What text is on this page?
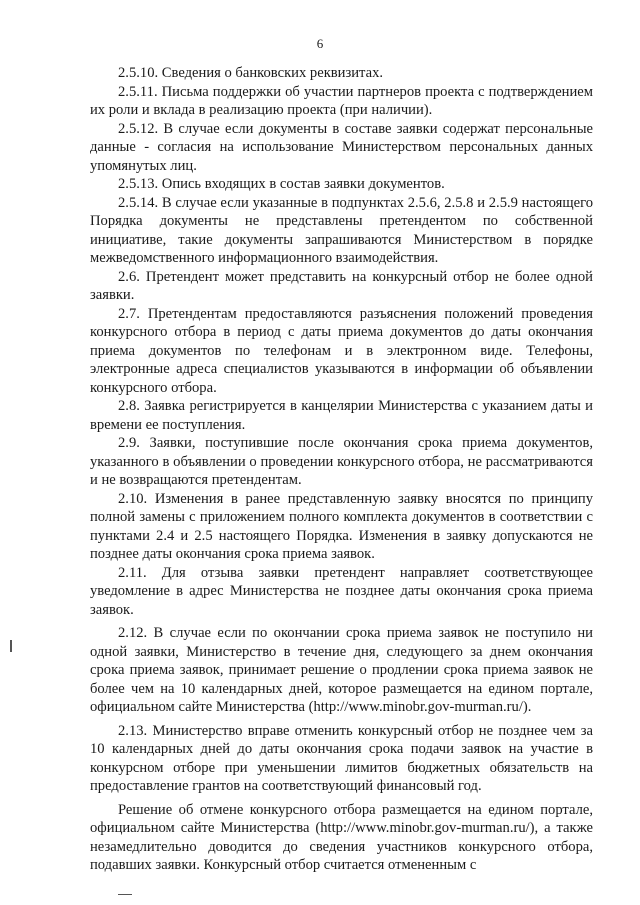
6

2.5.10. Сведения о банковских реквизитах.

2.5.11. Письма поддержки об участии партнеров проекта с подтверждением их роли и вклада в реализацию проекта (при наличии).

2.5.12. В случае если документы в составе заявки содержат персональные данные - согласия на использование Министерством персональных данных упомянутых лиц.

2.5.13. Опись входящих в состав заявки документов.

2.5.14. В случае если указанные в подпунктах 2.5.6, 2.5.8 и 2.5.9 настоящего Порядка документы не представлены претендентом по собственной инициативе, такие документы запрашиваются Министерством в порядке межведомственного информационного взаимодействия.

2.6. Претендент может представить на конкурсный отбор не более одной заявки.

2.7. Претендентам предоставляются разъяснения положений проведения конкурсного отбора в период с даты приема документов до даты окончания приема документов по телефонам и в электронном виде. Телефоны, электронные адреса специалистов указываются в информации об объявлении конкурсного отбора.

2.8. Заявка регистрируется в канцелярии Министерства с указанием даты и времени ее поступления.

2.9. Заявки, поступившие после окончания срока приема документов, указанного в объявлении о проведении конкурсного отбора, не рассматриваются и не возвращаются претендентам.

2.10. Изменения в ранее представленную заявку вносятся по принципу полной замены с приложением полного комплекта документов в соответствии с пунктами 2.4 и 2.5 настоящего Порядка. Изменения в заявку допускаются не позднее даты окончания срока приема заявок.

2.11. Для отзыва заявки претендент направляет соответствующее уведомление в адрес Министерства не позднее даты окончания срока приема заявок.

2.12. В случае если по окончании срока приема заявок не поступило ни одной заявки, Министерство в течение дня, следующего за днем окончания срока приема заявок, принимает решение о продлении срока приема заявок не более чем на 10 календарных дней, которое размещается на едином портале, официальном сайте Министерства (http://www.minobr.gov-murman.ru/).

2.13. Министерство вправе отменить конкурсный отбор не позднее чем за 10 календарных дней до даты окончания срока подачи заявок на участие в конкурсном отборе при уменьшении лимитов бюджетных обязательств на предоставление грантов на соответствующий финансовый год.

Решение об отмене конкурсного отбора размещается на едином портале, официальном сайте Министерства (http://www.minobr.gov-murman.ru/), а также незамедлительно доводится до сведения участников конкурсного отбора, подавших заявки. Конкурсный отбор считается отмененным с
